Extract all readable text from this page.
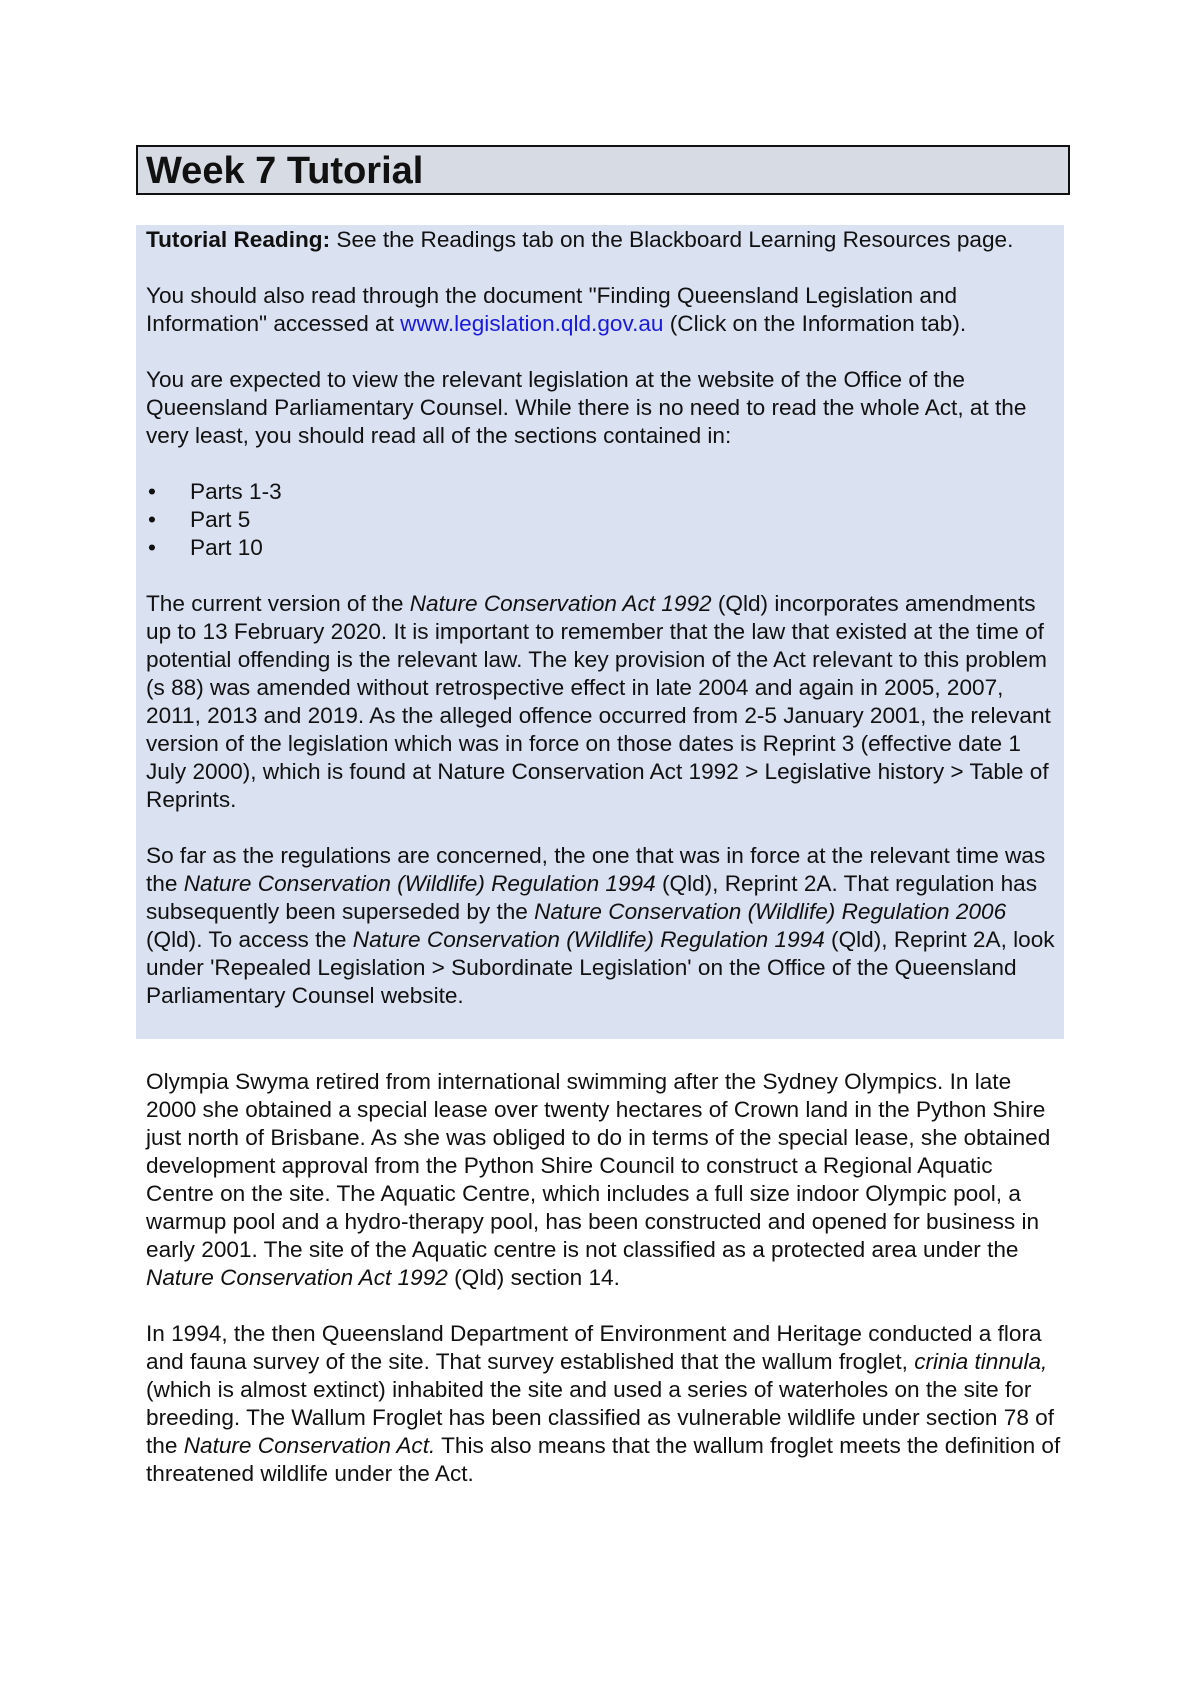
Week 7 Tutorial

Tutorial Reading: See the Readings tab on the Blackboard Learning Resources page.

You should also read through the document "Finding Queensland Legislation and Information" accessed at www.legislation.qld.gov.au (Click on the Information tab).

You are expected to view the relevant legislation at the website of the Office of the Queensland Parliamentary Counsel. While there is no need to read the whole Act, at the very least, you should read all of the sections contained in:

• Parts 1-3
• Part 5
• Part 10

The current version of the Nature Conservation Act 1992 (Qld) incorporates amendments up to 13 February 2020. It is important to remember that the law that existed at the time of potential offending is the relevant law. The key provision of the Act relevant to this problem (s 88) was amended without retrospective effect in late 2004 and again in 2005, 2007, 2011, 2013 and 2019. As the alleged offence occurred from 2-5 January 2001, the relevant version of the legislation which was in force on those dates is Reprint 3 (effective date 1 July 2000), which is found at Nature Conservation Act 1992 > Legislative history > Table of Reprints.

So far as the regulations are concerned, the one that was in force at the relevant time was the Nature Conservation (Wildlife) Regulation 1994 (Qld), Reprint 2A. That regulation has subsequently been superseded by the Nature Conservation (Wildlife) Regulation 2006 (Qld). To access the Nature Conservation (Wildlife) Regulation 1994 (Qld), Reprint 2A, look under 'Repealed Legislation > Subordinate Legislation' on the Office of the Queensland Parliamentary Counsel website.

Olympia Swyma retired from international swimming after the Sydney Olympics. In late 2000 she obtained a special lease over twenty hectares of Crown land in the Python Shire just north of Brisbane. As she was obliged to do in terms of the special lease, she obtained development approval from the Python Shire Council to construct a Regional Aquatic Centre on the site. The Aquatic Centre, which includes a full size indoor Olympic pool, a warmup pool and a hydro-therapy pool, has been constructed and opened for business in early 2001. The site of the Aquatic centre is not classified as a protected area under the Nature Conservation Act 1992 (Qld) section 14.

In 1994, the then Queensland Department of Environment and Heritage conducted a flora and fauna survey of the site. That survey established that the wallum froglet, crinia tinnula, (which is almost extinct) inhabited the site and used a series of waterholes on the site for breeding. The Wallum Froglet has been classified as vulnerable wildlife under section 78 of the Nature Conservation Act. This also means that the wallum froglet meets the definition of threatened wildlife under the Act.
